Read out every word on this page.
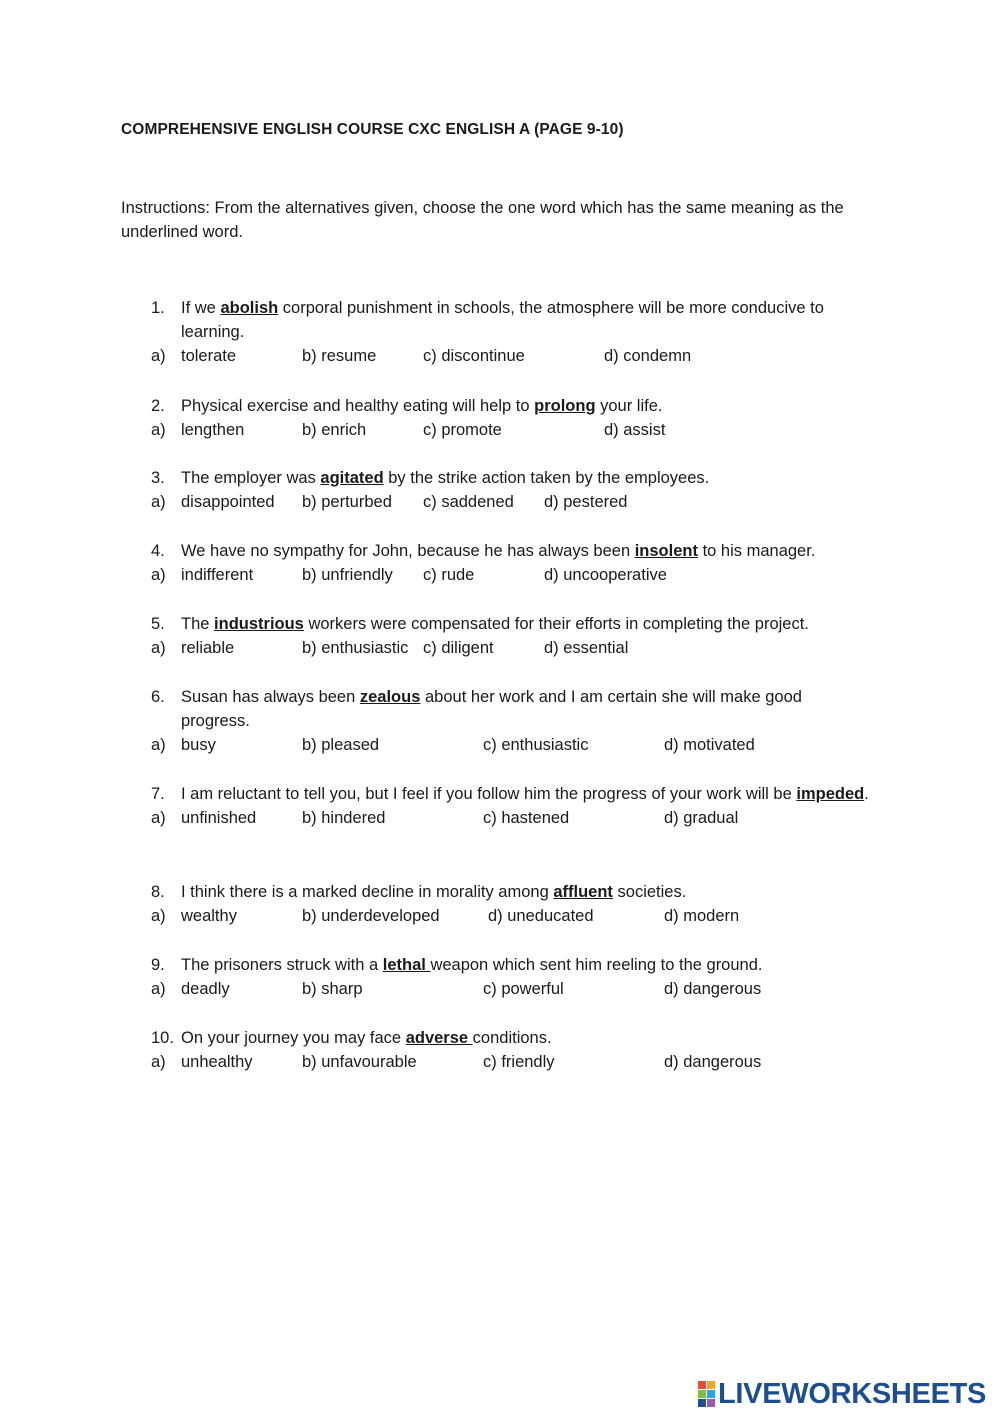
COMPREHENSIVE ENGLISH COURSE CXC ENGLISH A (PAGE 9-10)
Instructions: From the alternatives given, choose the one word which has the same meaning as the underlined word.
1. If we abolish corporal punishment in schools, the atmosphere will be more conducive to learning.
a) tolerate	b) resume	c) discontinue	d) condemn
2. Physical exercise and healthy eating will help to prolong your life.
a) lengthen	b) enrich	c) promote	d) assist
3. The employer was agitated by the strike action taken by the employees.
a) disappointed b) perturbed c) saddened d) pestered
4. We have no sympathy for John, because he has always been insolent to his manager.
a) indifferent	b) unfriendly c) rude	d) uncooperative
5. The industrious workers were compensated for their efforts in completing the project.
a) reliable	b) enthusiastic c) diligent	d) essential
6. Susan has always been zealous about her work and I am certain she will make good progress.
a) busy	b) pleased	c) enthusiastic	d) motivated
7. I am reluctant to tell you, but I feel if you follow him the progress of your work will be impeded.
a) unfinished	b) hindered	c) hastened	d) gradual
8. I think there is a marked decline in morality among affluent societies.
a) wealthy	b) underdeveloped	d) uneducated	d) modern
9. The prisoners struck with a lethal weapon which sent him reeling to the ground.
a) deadly	b) sharp	c) powerful	d) dangerous
10. On your journey you may face adverse conditions.
a) unhealthy	b) unfavourable	c) friendly	d) dangerous
LIVEWORKSHEETS
